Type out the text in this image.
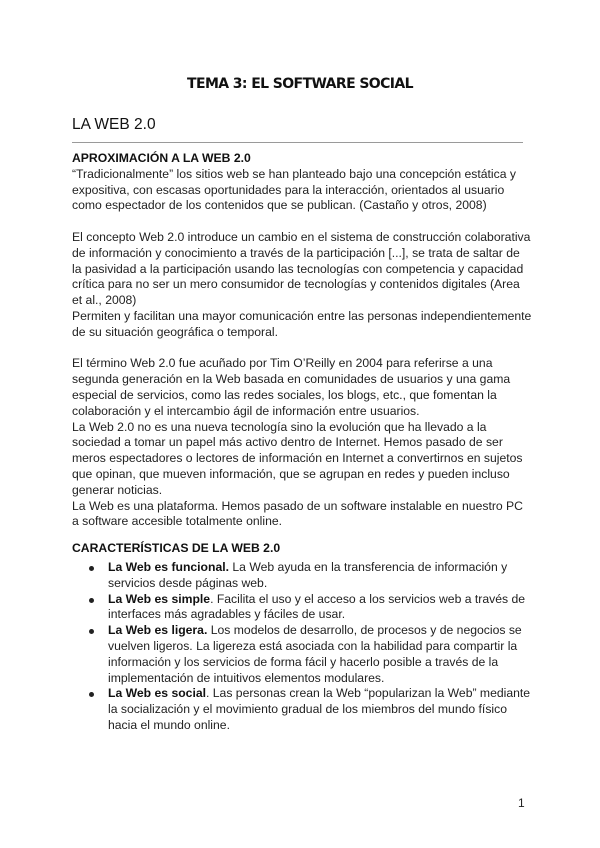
TEMA 3: EL SOFTWARE SOCIAL
LA WEB 2.0

APROXIMACIÓN A LA WEB 2.0

“Tradicionalmente” los sitios web se han planteado bajo una concepción estática y expositiva, con escasas oportunidades para la interacción, orientados al usuario como espectador de los contenidos que se publican. (Castaño y otros, 2008)

El concepto Web 2.0 introduce un cambio en el sistema de construcción colaborativa de información y conocimiento a través de la participación [...], se trata de saltar de la pasividad a la participación usando las tecnologías con competencia y capacidad crítica para no ser un mero consumidor de tecnologías y contenidos digitales (Area et al., 2008)

Permiten y facilitan una mayor comunicación entre las personas independientemente de su situación geográfica o temporal.

El término Web 2.0 fue acuñado por Tim O’Reilly en 2004 para referirse a una segunda generación en la Web basada en comunidades de usuarios y una gama especial de servicios, como las redes sociales, los blogs, etc., que fomentan la colaboración y el intercambio ágil de información entre usuarios.

La Web 2.0 no es una nueva tecnología sino la evolución que ha llevado a la sociedad a tomar un papel más activo dentro de Internet. Hemos pasado de ser meros espectadores o lectores de información en Internet a convertirnos en sujetos que opinan, que mueven información, que se agrupan en redes y pueden incluso generar noticias.

La Web es una plataforma. Hemos pasado de un software instalable en nuestro PC a software accesible totalmente online.

CARACTERÍSTICAS DE LA WEB 2.0

La Web es funcional. La Web ayuda en la transferencia de información y servicios desde páginas web.
La Web es simple. Facilita el uso y el acceso a los servicios web a través de interfaces más agradables y fáciles de usar.
La Web es ligera. Los modelos de desarrollo, de procesos y de negocios se vuelven ligeros. La ligereza está asociada con la habilidad para compartir la información y los servicios de forma fácil y hacerlo posible a través de la implementación de intuitivos elementos modulares.
La Web es social. Las personas crean la Web “popularizan la Web” mediante la socialización y el movimiento gradual de los miembros del mundo físico hacia el mundo online.
1
